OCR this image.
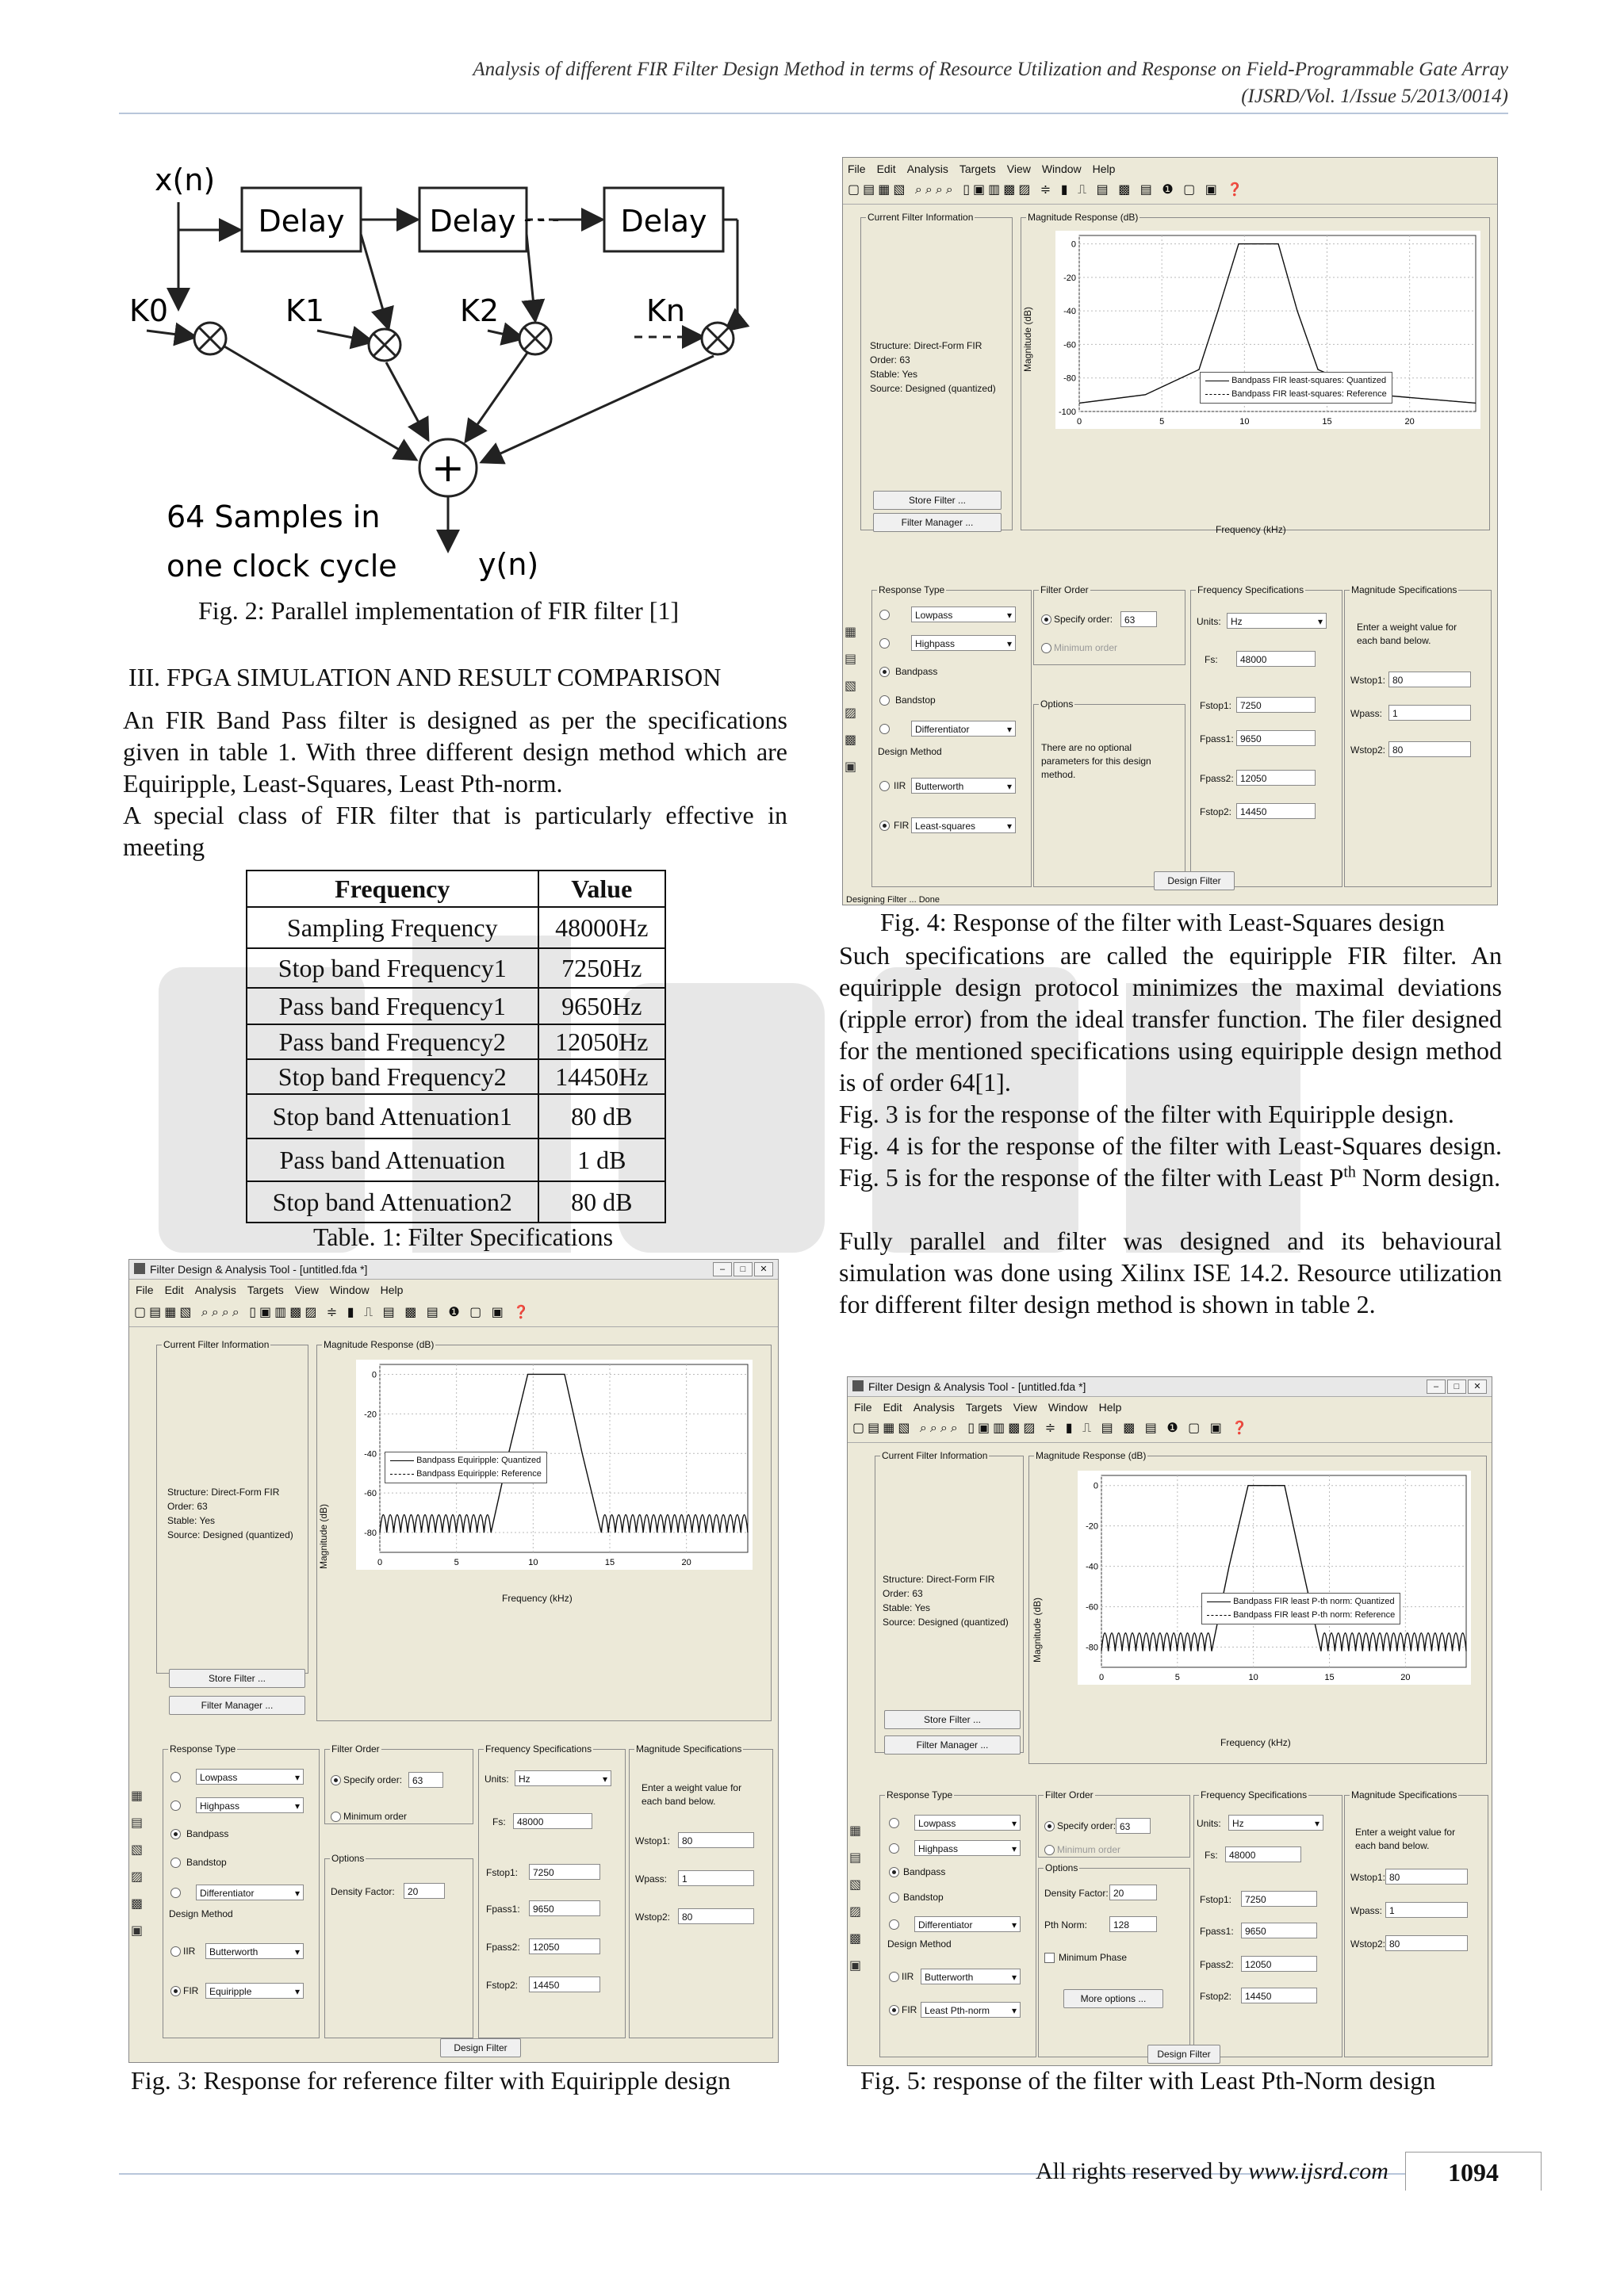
Analysis of different FIR Filter Design Method in terms of Resource Utilization and Response on Field-Programmable Gate Array
(IJSRD/Vol. 1/Issue 5/2013/0014)
x(n)
Delay	Delay - - - Delay
K0	K1	K2	Kn
+
y(n)
64 Samples in
one clock cycle
Fig. 2: Parallel implementation of FIR filter [1]
III. FPGA SIMULATION AND RESULT COMPARISON
An FIR Band Pass filter is designed as per the specifications given in table 1. With three different design method which are Equiripple, Least-Squares, Least Pth-norm.
A special class of FIR filter that is particularly effective in meeting
Frequency	Value
Sampling Frequency	48000Hz
Stop band Frequency1	7250Hz
Pass band Frequency1	9650Hz
Pass band Frequency2	12050Hz
Stop band Frequency2	14450Hz
Stop band Attenuation1	80 dB
Pass band Attenuation	1 dB
Stop band Attenuation2	80 dB
Table. 1: Filter Specifications
Fig. 4: Response of the filter with Least-Squares design
Such specifications are called the equiripple FIR filter. An equiripple design protocol minimizes the maximal deviations (ripple error) from the ideal transfer function. The filer designed for the mentioned specifications using equiripple design method is of order 64[1].
Fig. 3 is for the response of the filter with Equiripple design.
Fig. 4 is for the response of the filter with Least-Squares design. Fig. 5 is for the response of the filter with Least $P^{th}$ Norm design.
Fully parallel and filter was designed and its behavioural simulation was done using Xilinx ISE 14.2. Resource utilization for different filter design method is shown in table 2.
File Edit Analysis Targets View Window Help
▢▤▦▧ ⌕⌕⌕⌕ ▯▣▥▩▨ ≑ ▮ ⎍ ▤ ▩ ▤ ❶ ▢ ▣ ❓
Current Filter Information
Structure: Direct-Form FIR
Order: 63
Stable: Yes
Source: Designed (quantized)
Store Filter ...
Filter Manager ...
Magnitude Response (dB)
Magnitude (dB)
0	5	10	15	20
0
-20
-40
-60
-80
-100
Frequency (kHz)
Bandpass FIR least-squares: Quantized
Bandpass FIR least-squares: Reference
▦
▤
▧
▨
▩
▣
Response Type
Lowpass ▾
Highpass ▾
Bandpass
Bandstop
Differentiator ▾
Design Method
IIR Butterworth ▾
FIR Least-squares ▾
Filter Order
Specify order:	63
Minimum order
Options
There are no optional parameters for this design method.
Frequency Specifications
Units:	Hz ▾
Fs:	48000
Fstop1: 7250
Fpass1: 9650
Fpass2: 12050
Fstop2: 14450
Magnitude Specifications
Enter a weight value for each band below.
Wstop1: 80
Wpass:	1
Wstop2: 80
Design Filter
Designing Filter ... Done
Filter Design & Analysis Tool - [untitled.fda *]	– □ ✕
File Edit Analysis Targets View Window Help
▢▤▦▧ ⌕⌕⌕⌕ ▯▣▥▩▨ ≑ ▮ ⎍ ▤ ▩ ▤ ❶ ▢ ▣ ❓
Current Filter Information
Structure: Direct-Form FIR
Order: 63
Stable: Yes
Source: Designed (quantized)
Store Filter ...
Filter Manager ...
Magnitude Response (dB)
Magnitude (dB)	0	5	10	15	20
0
-20
-40
-60
-80
Frequency (kHz)
Bandpass Equiripple: Quantized
Bandpass Equiripple: Reference
▦
▤
▧
▨
▩
▣
Response Type
Lowpass ▾
Highpass ▾
Bandpass
Bandstop
Differentiator ▾
Design Method
IIR	Butterworth ▾
FIR	Equiripple ▾
Filter Order
Specify order:	63
Minimum order
Options
Density Factor:	20
Frequency Specifications
Units:	Hz ▾
Fs:	48000
Fstop1:	7250
Fpass1:	9650
Fpass2:	12050
Fstop2:	14450
Magnitude Specifications
Enter a weight value for each band below.
Wstop1:	80
Wpass:	1
Wstop2:	80
Design Filter
Fig. 3: Response for reference filter with Equiripple design
Filter Design & Analysis Tool - [untitled.fda *]	– □ ✕
File Edit Analysis Targets View Window Help
▢▤▦▧ ⌕⌕⌕⌕ ▯▣▥▩▨ ≑ ▮ ⎍ ▤ ▩ ▤ ❶ ▢ ▣ ❓
Current Filter Information
Structure: Direct-Form FIR
Order: 63
Stable: Yes
Source: Designed (quantized)
Store Filter ...
Filter Manager ...
Magnitude Response (dB)
Magnitude (dB)
0	5	10	15	20
0
-20
-40
-60
-80
Frequency (kHz)
Bandpass FIR least P-th norm: Quantized
Bandpass FIR least P-th norm: Reference
▦
▤
▧
▨
▩
▣
Response Type
Lowpass ▾
Highpass ▾
Bandpass
Bandstop
Differentiator ▾
Design Method
IIR	Butterworth ▾
FIR Least Pth-norm ▾
Filter Order
Specify order: 63
Minimum order
Options
Density Factor: 20
Pth Norm:	128
Minimum Phase
More options ...
Frequency Specifications
Units:	Hz ▾
Fs:	48000
Fstop1:	7250
Fpass1:	9650
Fpass2:	12050
Fstop2:	14450
Magnitude Specifications
Enter a weight value for each band below.
Wstop1: 80
Wpass: 1
Wstop2: 80
Design Filter
Fig. 5: response of the filter with Least Pth-Norm design
All rights reserved by www.ijsrd.com	1094
